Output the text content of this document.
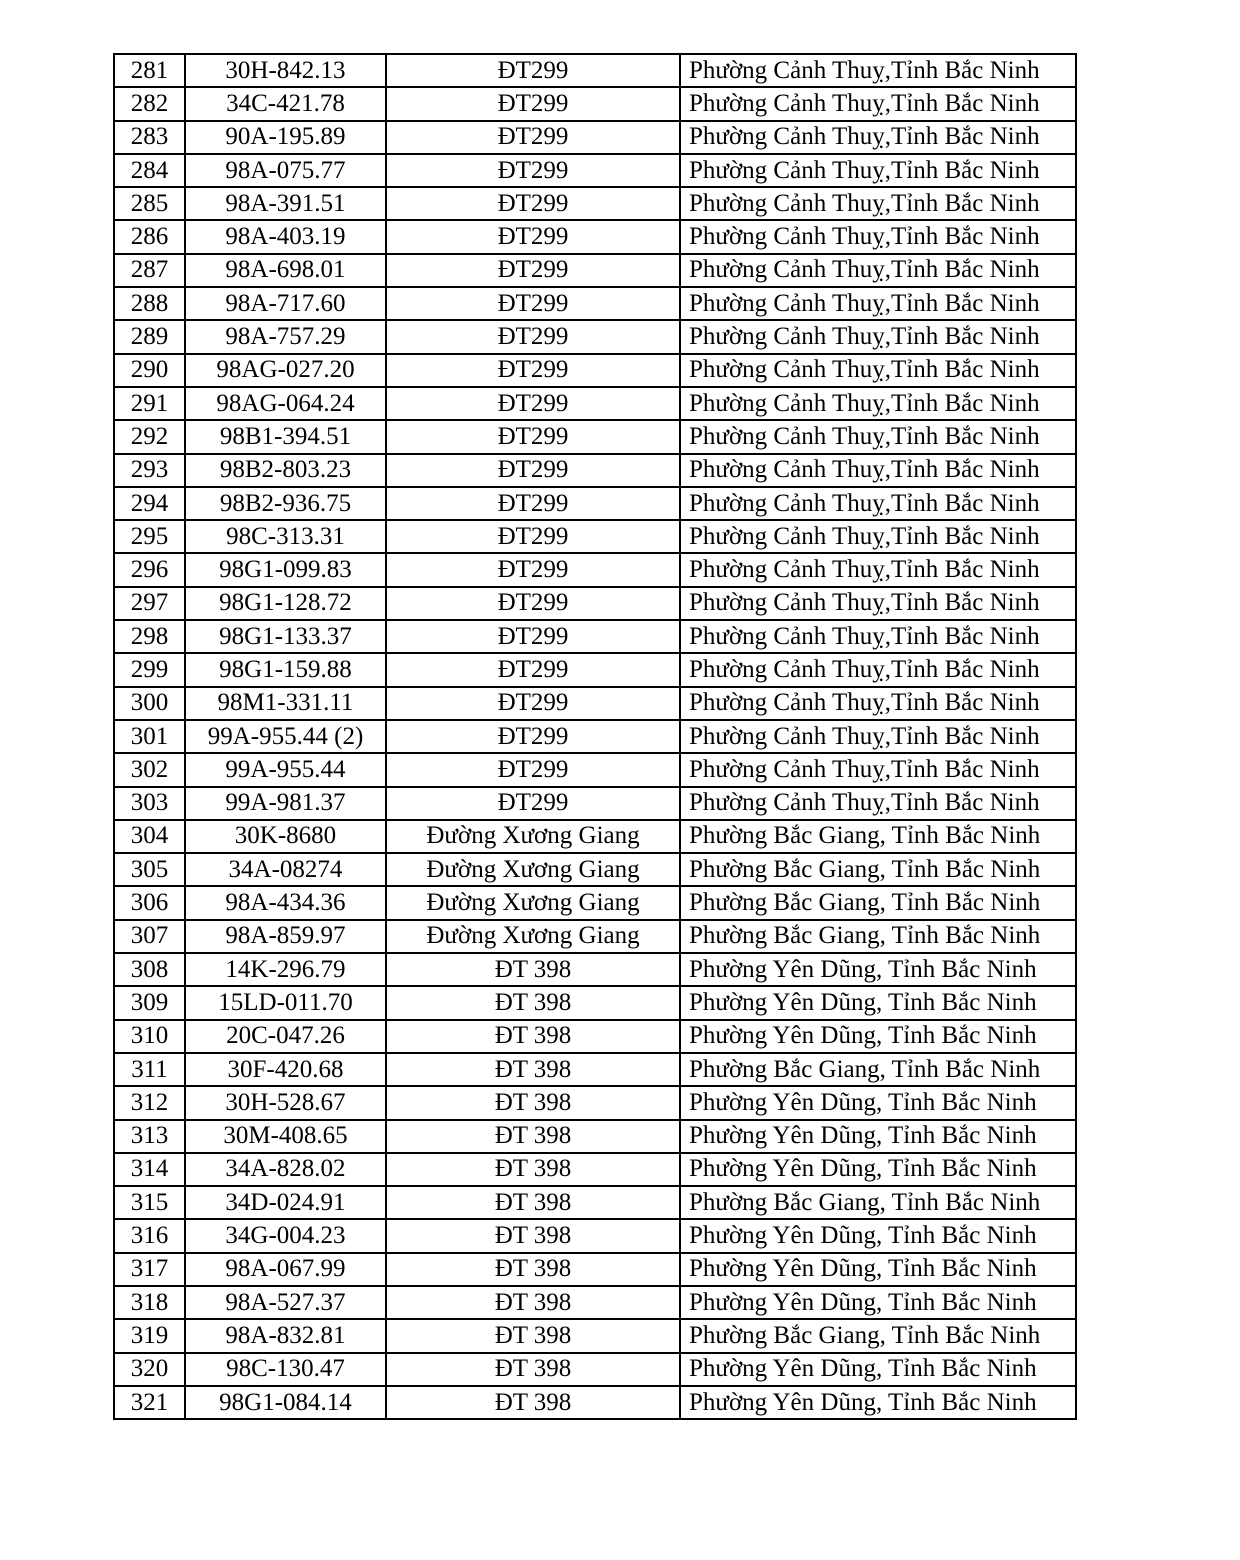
281	30H-842.13	ĐT299	Phường Cảnh Thuỵ,Tỉnh Bắc Ninh
282	34C-421.78	ĐT299	Phường Cảnh Thuỵ,Tỉnh Bắc Ninh
283	90A-195.89	ĐT299	Phường Cảnh Thuỵ,Tỉnh Bắc Ninh
284	98A-075.77	ĐT299	Phường Cảnh Thuỵ,Tỉnh Bắc Ninh
285	98A-391.51	ĐT299	Phường Cảnh Thuỵ,Tỉnh Bắc Ninh
286	98A-403.19	ĐT299	Phường Cảnh Thuỵ,Tỉnh Bắc Ninh
287	98A-698.01	ĐT299	Phường Cảnh Thuỵ,Tỉnh Bắc Ninh
288	98A-717.60	ĐT299	Phường Cảnh Thuỵ,Tỉnh Bắc Ninh
289	98A-757.29	ĐT299	Phường Cảnh Thuỵ,Tỉnh Bắc Ninh
290	98AG-027.20	ĐT299	Phường Cảnh Thuỵ,Tỉnh Bắc Ninh
291	98AG-064.24	ĐT299	Phường Cảnh Thuỵ,Tỉnh Bắc Ninh
292	98B1-394.51	ĐT299	Phường Cảnh Thuỵ,Tỉnh Bắc Ninh
293	98B2-803.23	ĐT299	Phường Cảnh Thuỵ,Tỉnh Bắc Ninh
294	98B2-936.75	ĐT299	Phường Cảnh Thuỵ,Tỉnh Bắc Ninh
295	98C-313.31	ĐT299	Phường Cảnh Thuỵ,Tỉnh Bắc Ninh
296	98G1-099.83	ĐT299	Phường Cảnh Thuỵ,Tỉnh Bắc Ninh
297	98G1-128.72	ĐT299	Phường Cảnh Thuỵ,Tỉnh Bắc Ninh
298	98G1-133.37	ĐT299	Phường Cảnh Thuỵ,Tỉnh Bắc Ninh
299	98G1-159.88	ĐT299	Phường Cảnh Thuỵ,Tỉnh Bắc Ninh
300	98M1-331.11	ĐT299	Phường Cảnh Thuỵ,Tỉnh Bắc Ninh
301	99A-955.44 (2)	ĐT299	Phường Cảnh Thuỵ,Tỉnh Bắc Ninh
302	99A-955.44	ĐT299	Phường Cảnh Thuỵ,Tỉnh Bắc Ninh
303	99A-981.37	ĐT299	Phường Cảnh Thuỵ,Tỉnh Bắc Ninh
304	30K-8680	Đường Xương Giang	Phường Bắc Giang, Tỉnh Bắc Ninh
305	34A-08274	Đường Xương Giang	Phường Bắc Giang, Tỉnh Bắc Ninh
306	98A-434.36	Đường Xương Giang	Phường Bắc Giang, Tỉnh Bắc Ninh
307	98A-859.97	Đường Xương Giang	Phường Bắc Giang, Tỉnh Bắc Ninh
308	14K-296.79	ĐT 398	Phường Yên Dũng, Tỉnh Bắc Ninh
309	15LD-011.70	ĐT 398	Phường Yên Dũng, Tỉnh Bắc Ninh
310	20C-047.26	ĐT 398	Phường Yên Dũng, Tỉnh Bắc Ninh
311	30F-420.68	ĐT 398	Phường Bắc Giang, Tỉnh Bắc Ninh
312	30H-528.67	ĐT 398	Phường Yên Dũng, Tỉnh Bắc Ninh
313	30M-408.65	ĐT 398	Phường Yên Dũng, Tỉnh Bắc Ninh
314	34A-828.02	ĐT 398	Phường Yên Dũng, Tỉnh Bắc Ninh
315	34D-024.91	ĐT 398	Phường Bắc Giang, Tỉnh Bắc Ninh
316	34G-004.23	ĐT 398	Phường Yên Dũng, Tỉnh Bắc Ninh
317	98A-067.99	ĐT 398	Phường Yên Dũng, Tỉnh Bắc Ninh
318	98A-527.37	ĐT 398	Phường Yên Dũng, Tỉnh Bắc Ninh
319	98A-832.81	ĐT 398	Phường Bắc Giang, Tỉnh Bắc Ninh
320	98C-130.47	ĐT 398	Phường Yên Dũng, Tỉnh Bắc Ninh
321	98G1-084.14	ĐT 398	Phường Yên Dũng, Tỉnh Bắc Ninh
